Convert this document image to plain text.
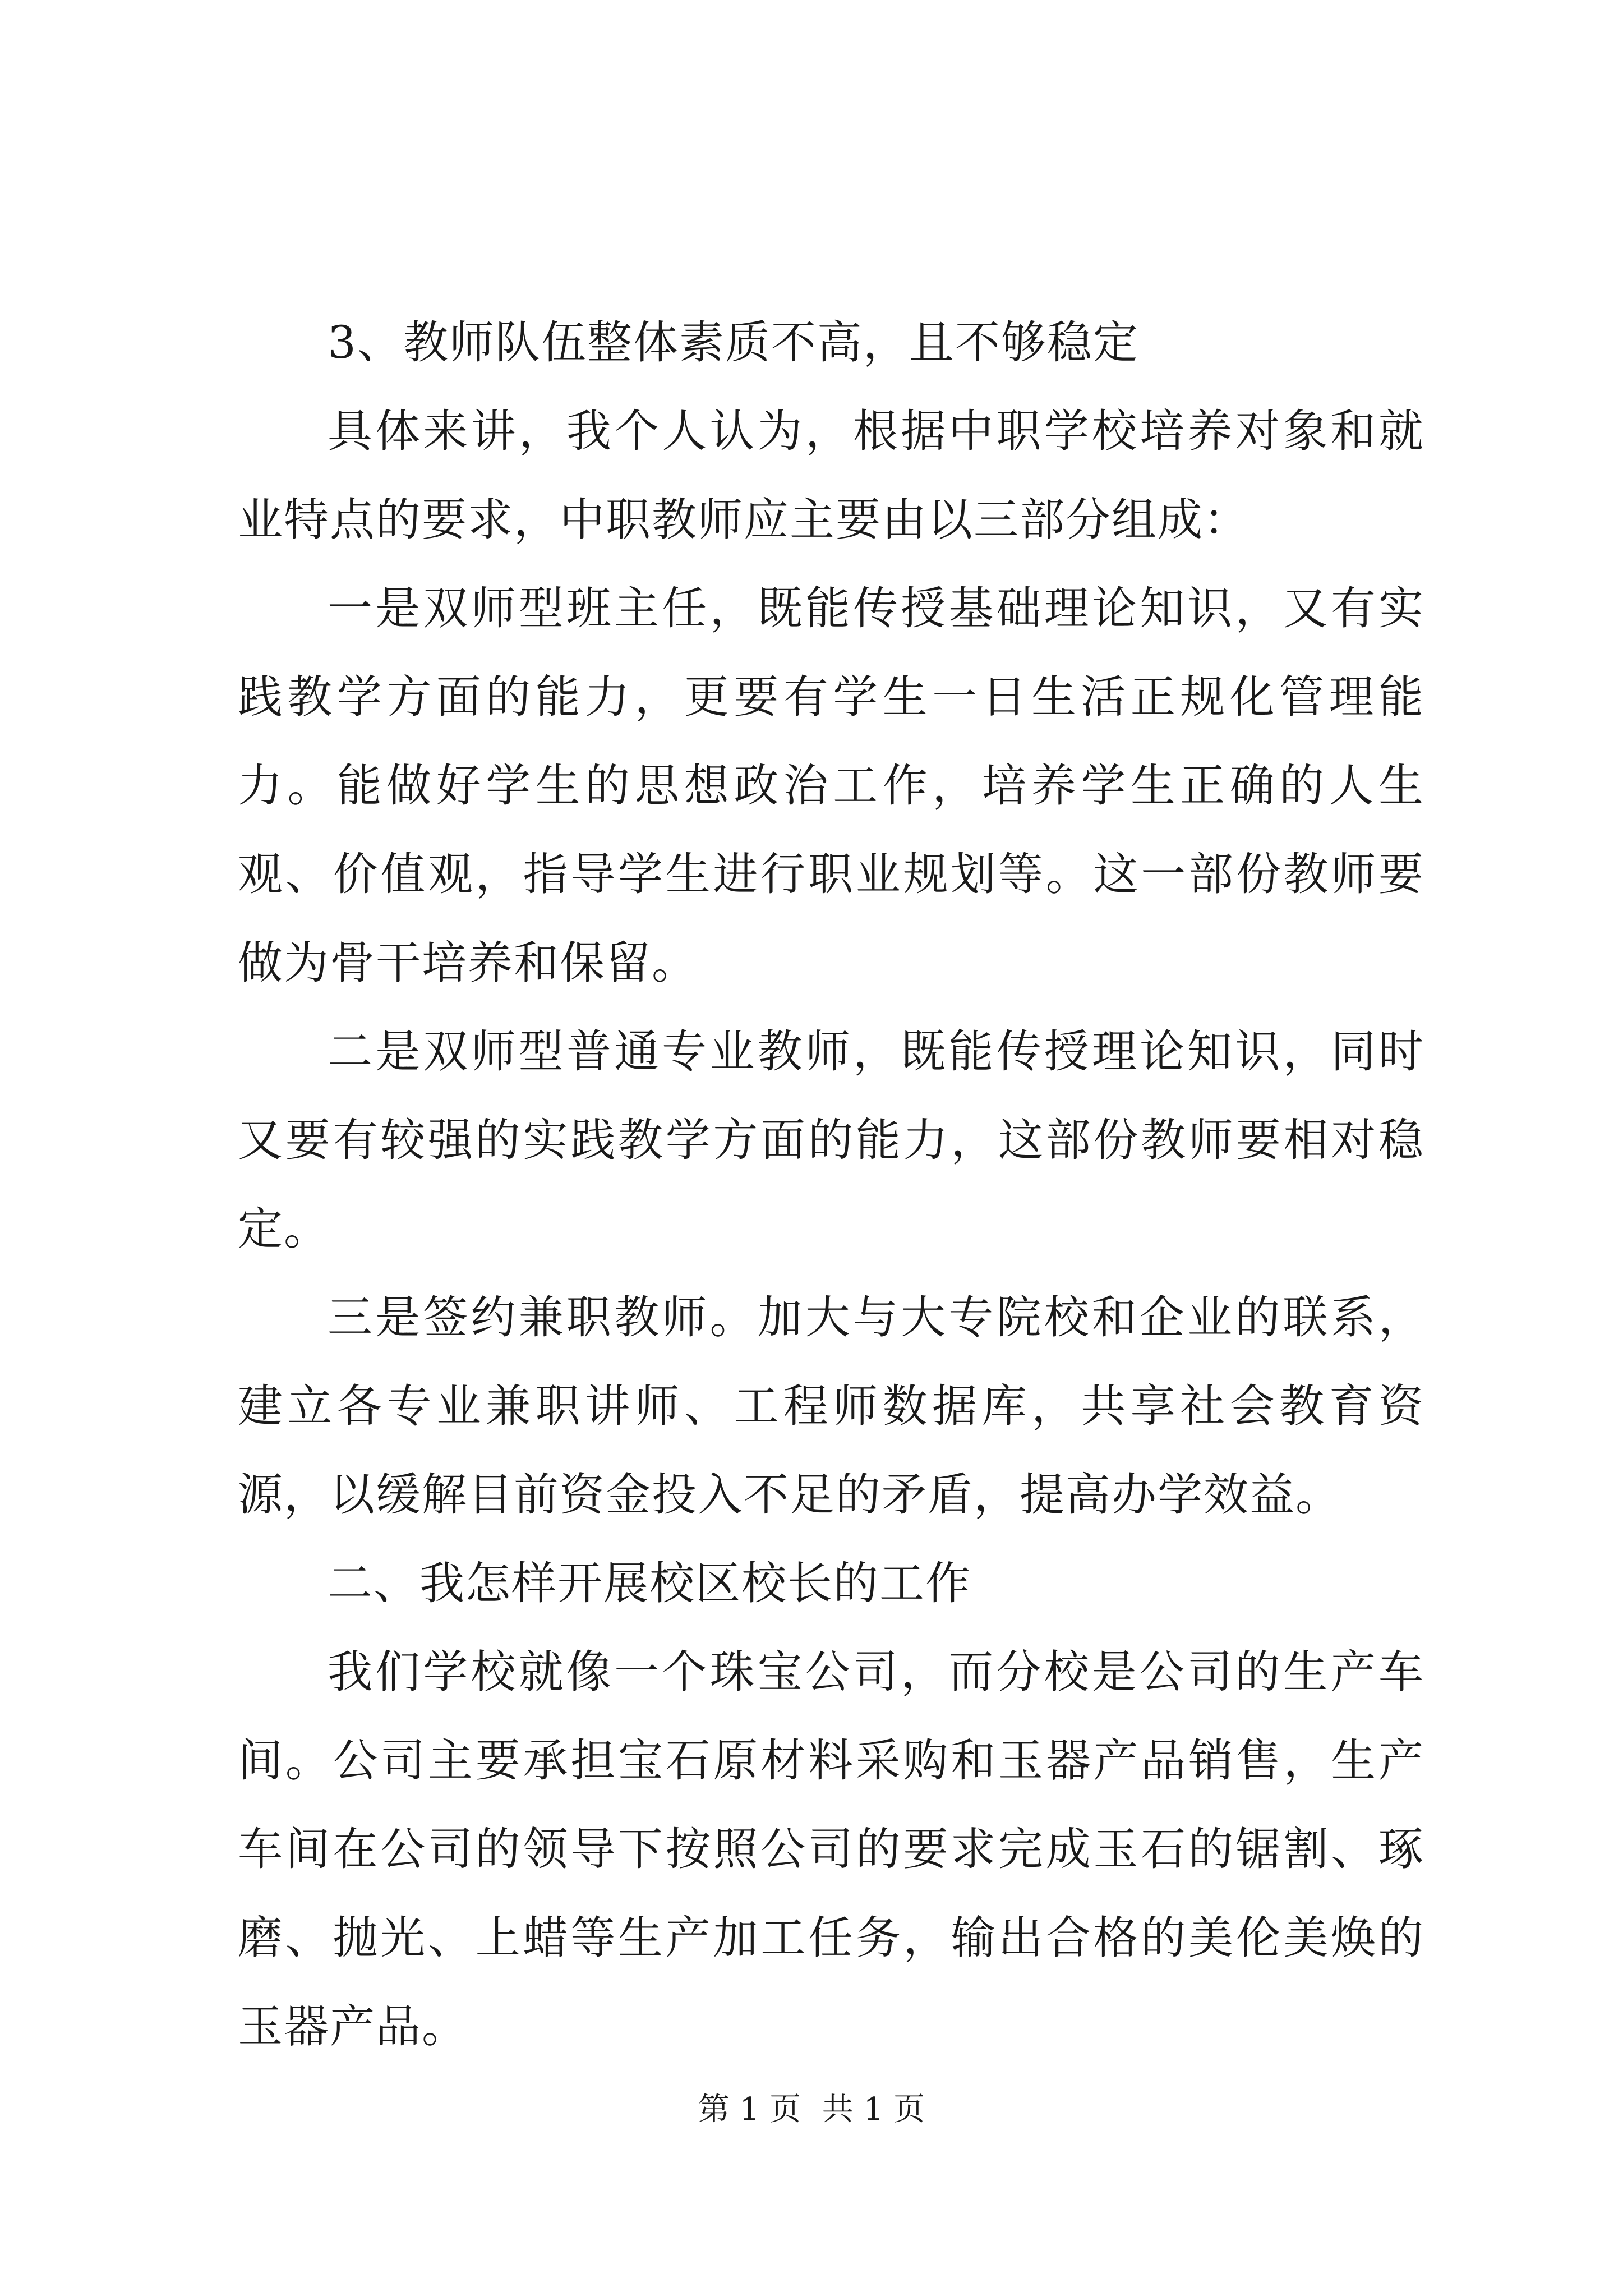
3、教师队伍整体素质不高，且不够稳定

具体来讲，我个人认为，根据中职学校培养对象和就业特点的要求，中职教师应主要由以三部分组成：

一是双师型班主任，既能传授基础理论知识，又有实践教学方面的能力，更要有学生一日生活正规化管理能力。能做好学生的思想政治工作，培养学生正确的人生观、价值观，指导学生进行职业规划等。这一部份教师要做为骨干培养和保留。

二是双师型普通专业教师，既能传授理论知识，同时又要有较强的实践教学方面的能力，这部份教师要相对稳定。

三是签约兼职教师。加大与大专院校和企业的联系，建立各专业兼职讲师、工程师数据库，共享社会教育资源，以缓解目前资金投入不足的矛盾，提高办学效益。

二、我怎样开展校区校长的工作

我们学校就像一个珠宝公司，而分校是公司的生产车间。公司主要承担宝石原材料采购和玉器产品销售，生产车间在公司的领导下按照公司的要求完成玉石的锯割、琢磨、抛光、上蜡等生产加工任务，输出合格的美伦美焕的玉器产品。

第 1 页 共 1 页
